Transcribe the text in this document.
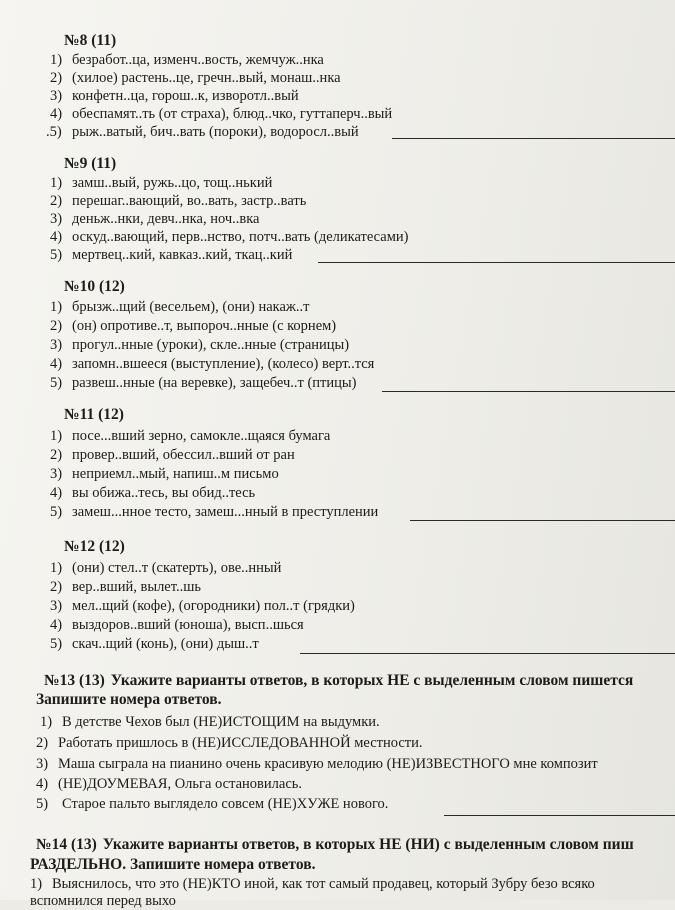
№8 (11)
1) безработ..ца, изменч..вость, жемчуж..нка
2) (хилое) растень..це, гречн..вый, монаш..нка
3) конфетн..ца, горош..к, изворотл..вый
4) обеспамят..ть (от страха), блюд..чко, гуттаперч..вый
.5) рыж..ватый, бич..вать (пороки), водоросл..вый
№9 (11)
1) замш..вый, ружь..цо, тощ..нький
2) перешаг..вающий, во..вать, застр..вать
3) деньж..нки, девч..нка, ноч..вка
4) оскуд..вающий, перв..нство, потч..вать (деликатесами)
5) мертвец..кий, кавказ..кий, ткац..кий
№10 (12)
1) брызж..щий (весельем), (они) накаж..т
2) (он) опротиве..т, выпороч..нные (с корнем)
3) прогул..нные (уроки), скле..нные (страницы)
4) запомн..вшееся (выступление), (колесо) верт..тся
5) развеш..нные (на веревке), защебеч..т (птицы)
№11 (12)
1) посе...вший зерно, самокле..щаяся бумага
2) провер..вший, обессил..вший от ран
3) неприемл..мый, напиш..м письмо
4) вы обижа..тесь, вы обид..тесь
5) замеш...нное тесто, замеш...нный в преступлении
№12 (12)
1) (они) стел..т (скатерть), ове..нный
2) вер..вший, вылет..шь
3) мел..щий (кофе), (огородники) пол..т (грядки)
4) выздоров..вший (юноша), высп..шься
5) скач..щий (конь), (они) дыш..т
№13 (13) Укажите варианты ответов, в которых НЕ с выделенным словом пишется
Запишите номера ответов.
1) В детстве Чехов был (НЕ)ИСТОЩИМ на выдумки.
2) Работать пришлось в (НЕ)ИССЛЕДОВАННОЙ местности.
3) Маша сыграла на пианино очень красивую мелодию (НЕ)ИЗВЕСТНОГО мне композит
4) (НЕ)ДОУМЕВАЯ, Ольга остановилась.
5) Старое пальто выглядело совсем (НЕ)ХУЖЕ нового.
№14 (13) Укажите варианты ответов, в которых НЕ (НИ) с выделенным словом пиш
РАЗДЕЛЬНО. Запишите номера ответов.
1) Выяснилось, что это (НЕ)КТО иной, как тот самый продавец, который Зубру безо всяко
вспомнился перед выхо
